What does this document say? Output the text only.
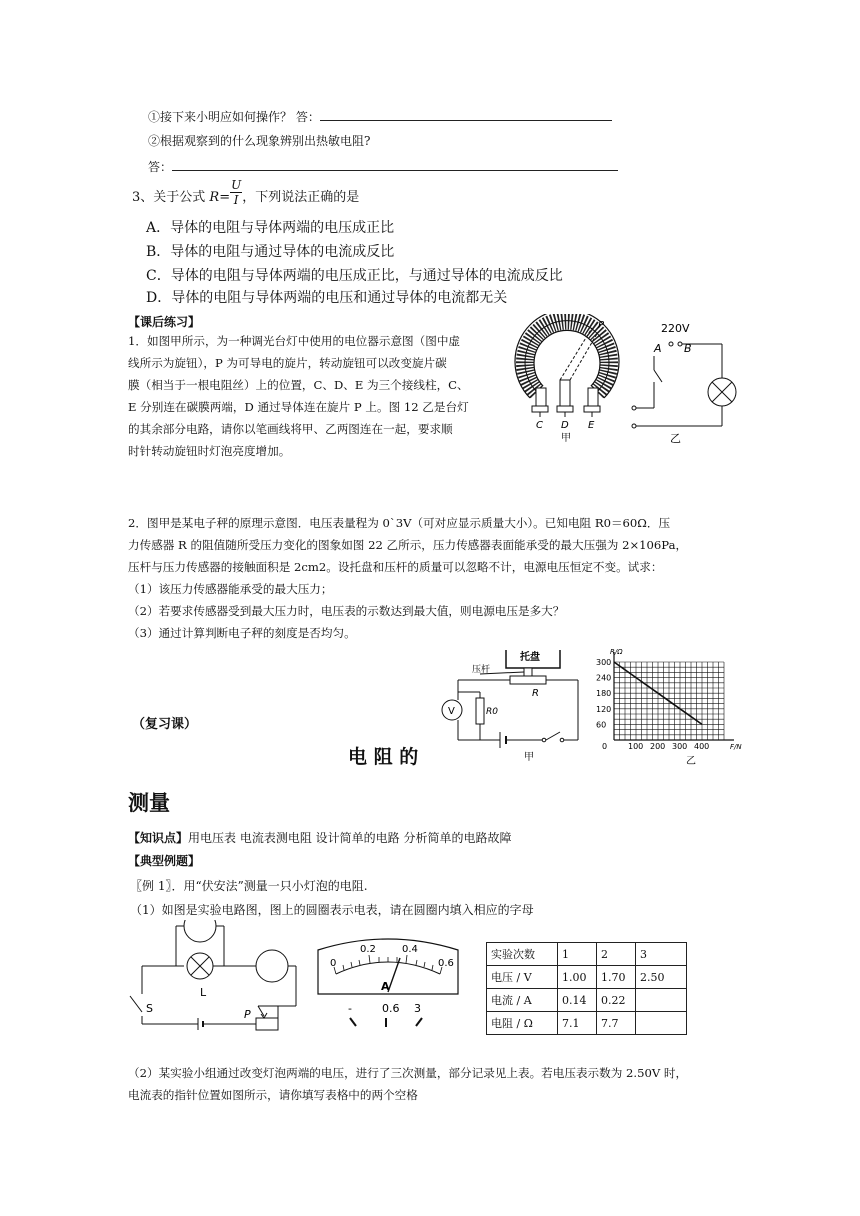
①接下来小明应如何操作？ 答：
②根据观察到的什么现象辨别出热敏电阻?
答：
3、关于公式 $R= \frac{U}{I}$ ，下列说法正确的是
A．导体的电阻与导体两端的电压成正比
B．导体的电阻与通过导体的电流成反比
C．导体的电阻与导体两端的电压成正比，与通过导体的电流成反比
D．导体的电阻与导体两端的电压和通过导体的电流都无关
【课后练习】
1．如图甲所示，为一种调光台灯中使用的电位器示意图（图中虚
线所示为旋钮），P 为可导电的旋片，转动旋钮可以改变旋片碳
膜（相当于一根电阻丝）上的位置，C、D、E 为三个接线柱，C、
E 分别连在碳膜两端，D 通过导体连在旋片 P 上。图 12 乙是台灯
的其余部分电路，请你以笔画线将甲、乙两图连在一起，要求顺
时针转动旋钮时灯泡亮度增加。
P
C D E
甲
220V
A B
乙
2．图甲是某电子秤的原理示意图．电压表量程为 0`3V（可对应显示质量大小）。已知电阻 R0＝60Ω．压
力传感器 R 的阻值随所受压力变化的图象如图 22 乙所示，压力传感器表面能承受的最大压强为 2×106Pa，
压杆与压力传感器的接触面积是 2cm2。设托盘和压杆的质量可以忽略不计，电源电压恒定不变。试求：
（1）该压力传感器能承受的最大压力；
（2）若要求传感器受到最大压力时，电压表的示数达到最大值，则电源电压是多大？
（3）通过计算判断电子秤的刻度是否均匀。
托盘
压杆
R
V	R0
甲
0	100 200 300 400
60
120
180
240
300
F/N
R/Ω
乙
（复习课）
电 阻 的
测量
【知识点】用电压表 电流表测电阻 设计简单的电路 分析简单的电路故障
【典型例题】
〖例 1〗．用“伏安法”测量一只小灯泡的电阻.
（1）如图是实验电路图，图上的圆圈表示电表，请在圆圈内填入相应的字母
L
S	P
0
0.2	0.4
0.6
A
-	0.6 3
实验次数	1	2	3
电压 / V	1.00	1.70	2.50
电流 / A	0.14	0.22	
电阻 / Ω	7.1	7.7	
（2）某实验小组通过改变灯泡两端的电压，进行了三次测量，部分记录见上表。若电压表示数为 2.50V 时，
电流表的指针位置如图所示，请你填写表格中的两个空格
